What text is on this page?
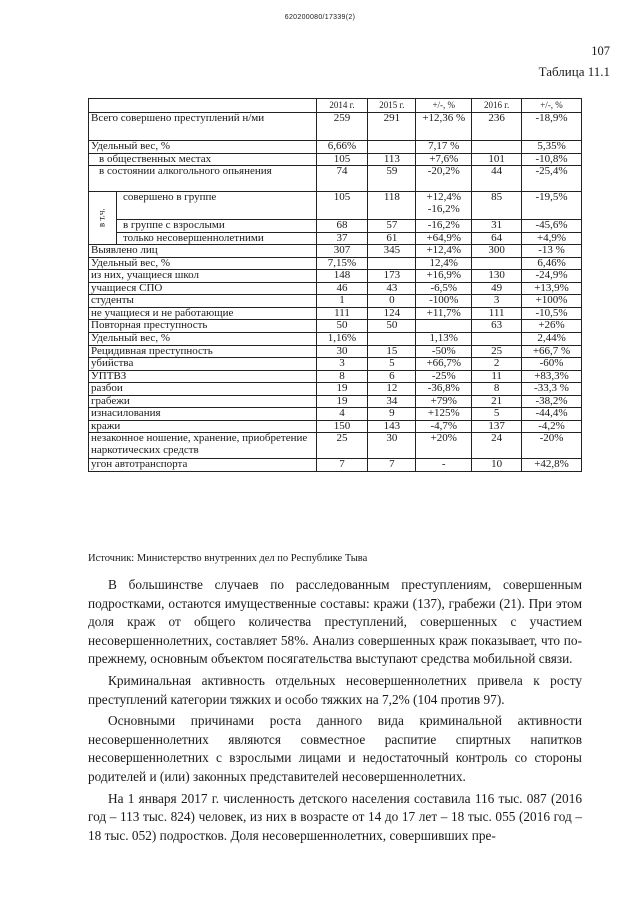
620200080/17339(2)
107
Таблица 11.1
		2014 г.	2015 г.	+/-, %	2016 г.	+/-, %
Всего совершено преступлений н/ми		259	291	+12,36 %	236	-18,9%
Удельный вес, %		6,66%		7,17 %		5,35%
в общественных местах		105	113	+7,6%	101	-10,8%
в состоянии алкогольного опьянения		74	59	-20,2%	44	-25,4%
в т.ч.	совершено в группе	105	118	+12,4% -16,2%	85	-19,5%
	в группе с взрослыми	68	57	-16,2%	31	-45,6%
	только несовершеннолетними	37	61	+64,9%	64	+4,9%
Выявлено лиц		307	345	+12,4%	300	-13 %
Удельный вес, %		7,15%		12,4%		6,46%
из них, учащиеся школ		148	173	+16,9%	130	-24,9%
учащиеся СПО		46	43	-6,5%	49	+13,9%
студенты		1	0	-100%	3	+100%
не учащиеся и не работающие		111	124	+11,7%	111	-10,5%
Повторная преступность		50	50		63	+26%
Удельный вес, %		1,16%		1,13%		2,44%
Рецидивная преступность		30	15	-50%	25	+66,7 %
убийства		3	5	+66,7%	2	-60%
УПТВЗ		8	6	-25%	11	+83,3%
разбои		19	12	-36,8%	8	-33,3 %
грабежи		19	34	+79%	21	-38,2%
изнасилования		4	9	+125%	5	-44,4%
кражи		150	143	-4,7%	137	-4,2%
незаконное ношение, хранение, приобретение наркотических средств		25	30	+20%	24	-20%
угон автотранспорта		7	7	-	10	+42,8%
Источник: Министерство внутренних дел по Республике Тыва

В большинстве случаев по расследованным преступлениям, совершенным подростками, остаются имущественные составы: кражи (137), грабежи (21). При этом доля краж от общего количества преступлений, совершенных с участием несовершеннолетних, составляет 58%. Анализ совершенных краж показывает, что по-прежнему, основным объектом посягательства выступают средства мобильной связи.

Криминальная активность отдельных несовершеннолетних привела к росту преступлений категории тяжких и особо тяжких на 7,2% (104 против 97).

Основными причинами роста данного вида криминальной активности несовершеннолетних являются совместное распитие спиртных напитков несовершеннолетних с взрослыми лицами и недостаточный контроль со стороны родителей и (или) законных представителей несовершеннолетних.

На 1 января 2017 г. численность детского населения составила 116 тыс. 087 (2016 год – 113 тыс. 824) человек, из них в возрасте от 14 до 17 лет – 18 тыс. 055 (2016 год – 18 тыс. 052) подростков. Доля несовершеннолетних, совершивших пре-
